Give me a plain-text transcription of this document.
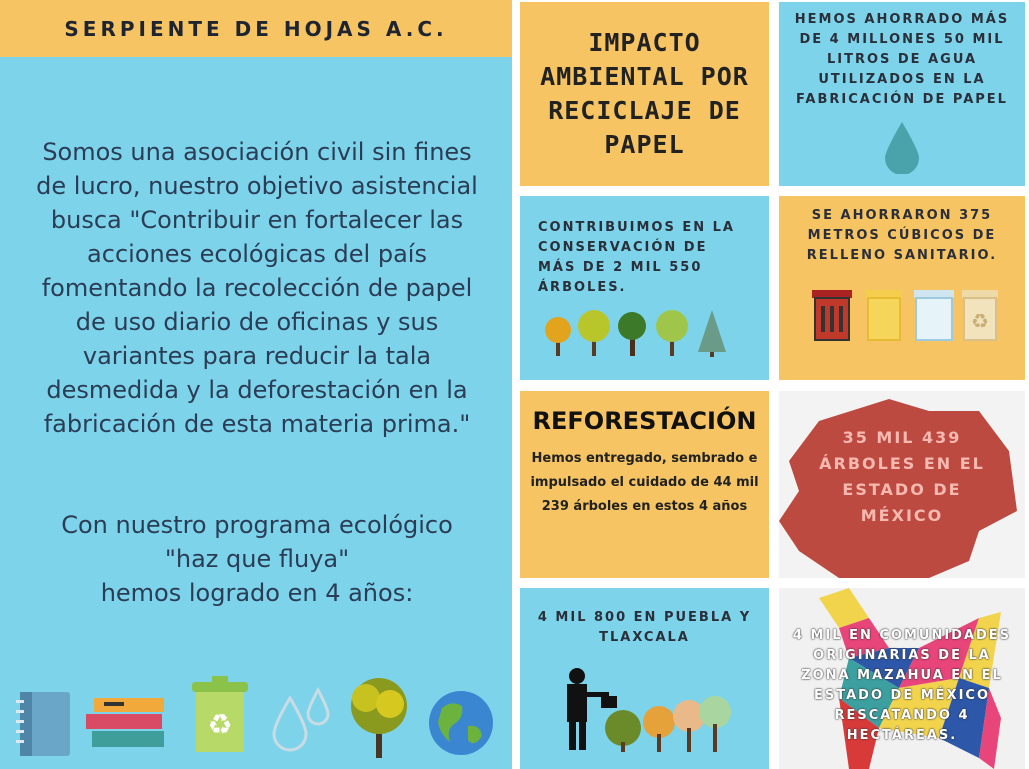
SERPIENTE DE HOJAS A.C.
Somos una asociación civil sin fines de lucro, nuestro objetivo asistencial busca "Contribuir en fortalecer las acciones ecológicas del país fomentando la recolección de papel de uso diario de oficinas y sus variantes para reducir la tala desmedida y la deforestación en la fabricación de esta materia prima."
Con nuestro programa ecológico
"haz que fluya"
hemos logrado en 4 años:
♻
IMPACTO AMBIENTAL POR RECICLAJE DE PAPEL
HEMOS AHORRADO MÁS DE 4 MILLONES 50 MIL LITROS DE AGUA UTILIZADOS EN LA FABRICACIÓN DE PAPEL
CONTRIBUIMOS EN LA CONSERVACIÓN DE MÁS DE 2 MIL 550 ÁRBOLES.
SE AHORRARON 375 METROS CÚBICOS DE RELLENO SANITARIO.
♻
REFORESTACIÓN
Hemos entregado, sembrado e impulsado el cuidado de 44 mil 239 árboles en estos 4 años
35 MIL 439 ÁRBOLES EN EL ESTADO DE MÉXICO
4 MIL 800 EN PUEBLA Y TLAXCALA	4 MIL EN COMUNIDADES ORIGINARIAS DE LA ZONA MAZAHUA EN EL ESTADO DE MÉXICO RESCATANDO 4 HECTÁREAS.
